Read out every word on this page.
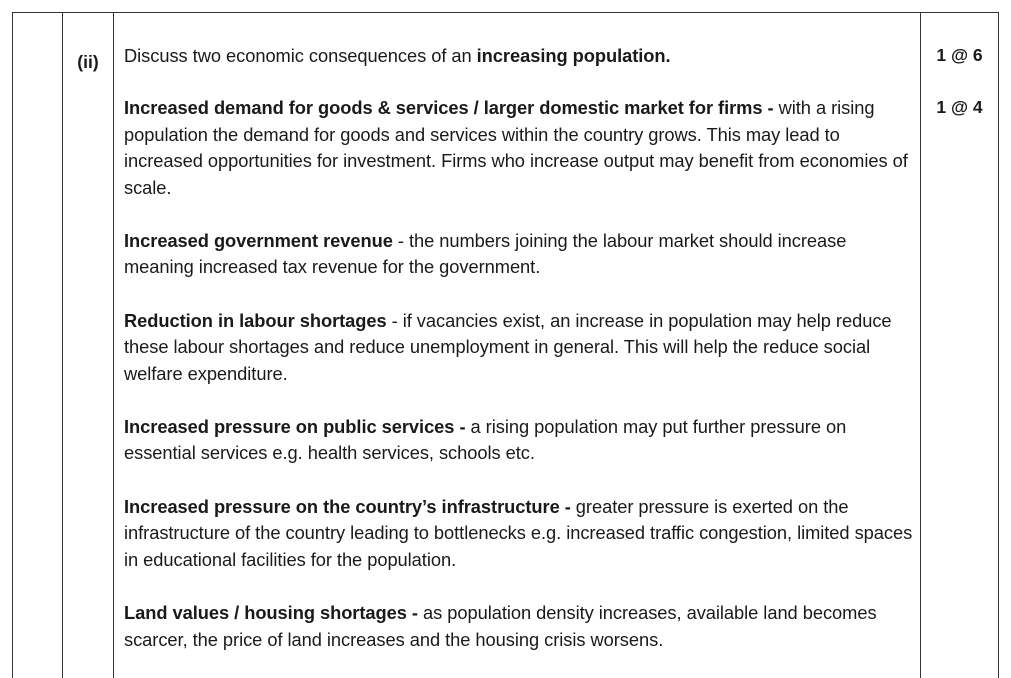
(ii)	1 @ 6
1 @ 4

Discuss two economic consequences of an increasing population.

Increased demand for goods & services / larger domestic market for firms - with a rising population the demand for goods and services within the country grows. This may lead to increased opportunities for investment. Firms who increase output may benefit from economies of scale.

Increased government revenue - the numbers joining the labour market should increase meaning increased tax revenue for the government.

Reduction in labour shortages - if vacancies exist, an increase in population may help reduce these labour shortages and reduce unemployment in general. This will help the reduce social welfare expenditure.

Increased pressure on public services - a rising population may put further pressure on essential services e.g. health services, schools etc.

Increased pressure on the country’s infrastructure - greater pressure is exerted on the infrastructure of the country leading to bottlenecks e.g. increased traffic congestion, limited spaces in educational facilities for the population.

Land values / housing shortages - as population density increases, available land becomes scarcer, the price of land increases and the housing crisis worsens.
